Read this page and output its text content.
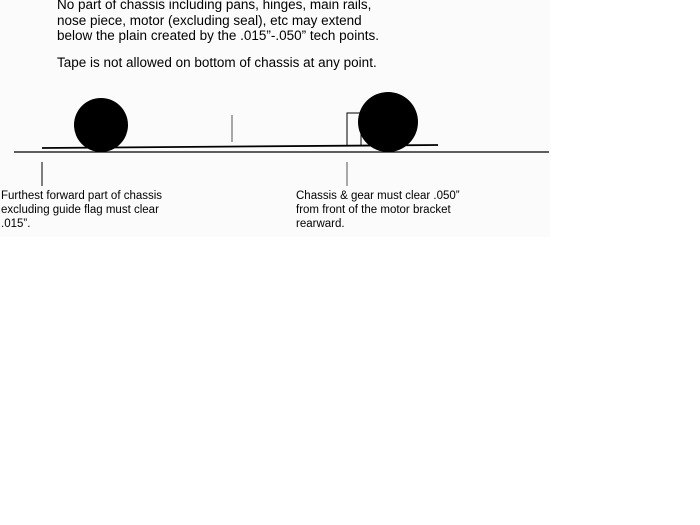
No part of chassis including pans, hinges, main rails,
nose piece, motor (excluding seal), etc may extend
below the plain created by the .015”-.050” tech points.
Tape is not allowed on bottom of chassis at any point.
Furthest forward part of chassis
excluding guide flag must clear
.015”.
Chassis & gear must clear .050”
from front of the motor bracket
rearward.
